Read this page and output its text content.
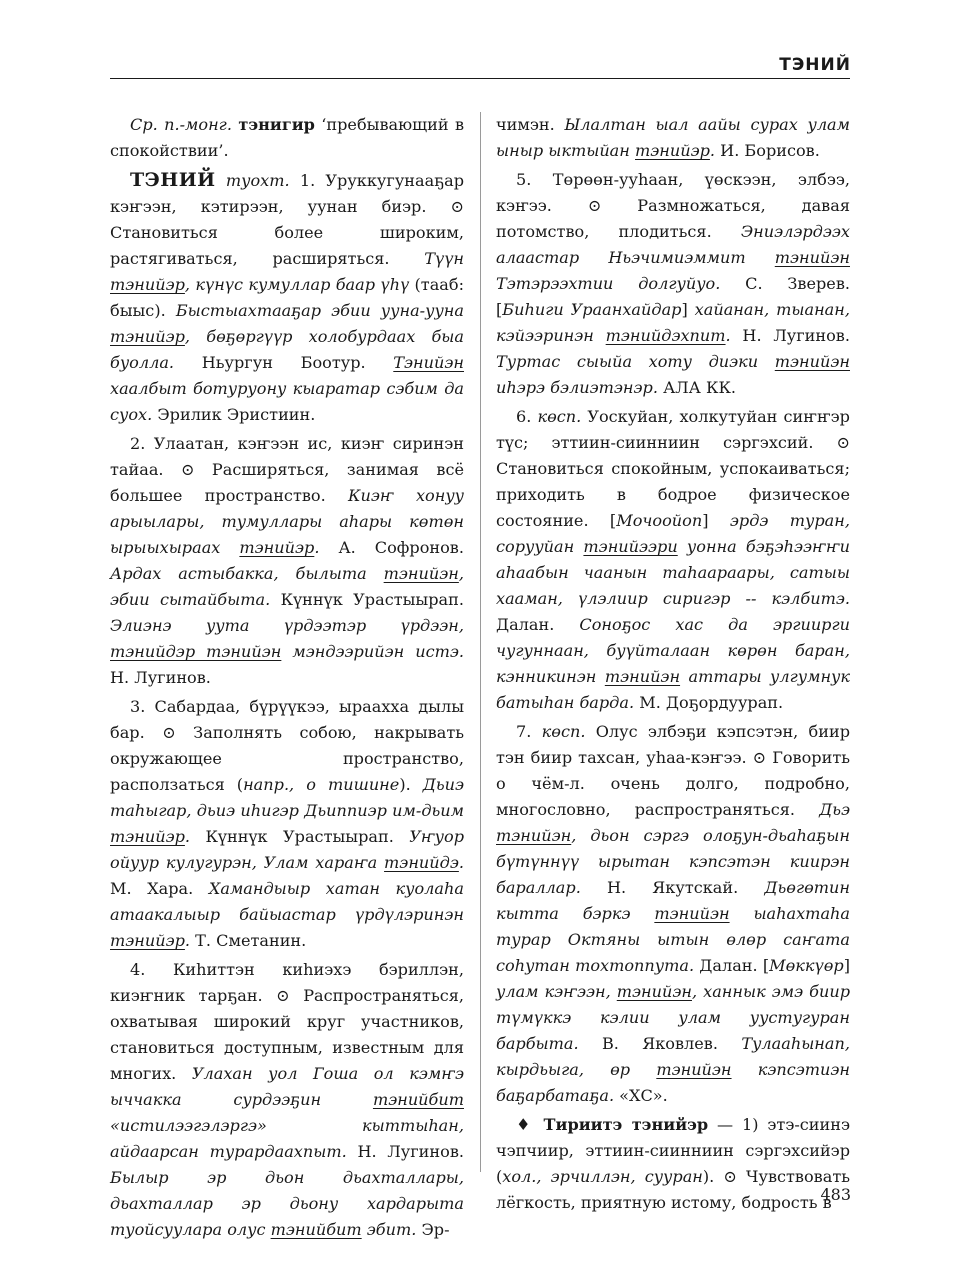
ТЭНИЙ

Ср. п.-монг. тэнигир ‘пребывающий в спокойствии’.

ТЭНИЙ туохт. 1. Уруккугунааҕар кэҥээн, кэтирээн, уунан биэр. ⊙ Становиться более широким, растягиваться, расширяться. Түүн тэнийэр, күнүс кумуллар баар үһү (тааб: быыс). Быстыахтааҕар эбии ууна-ууна тэнийэр, бөҕөргүүр холобурдаах быа буолла. Ньургун Боотур. Тэнийэн хаалбыт ботуруону кыаратар сэбим да суох. Эрилик Эристиин.

2. Улаатан, кэҥээн ис, киэҥ сиринэн тайаа. ⊙ Расширяться, занимая всё большее пространство. Киэҥ хонуу арыылары, тумуллары аһары көтөн ырыыхыраах тэнийэр. А. Софронов. Ардах астыбакка, былыта тэнийэн, эбии сытайбыта. Күннүк Урастыырап. Элиэнэ уута үрдээтэр үрдээн, тэнийдэр тэнийэн мэндээрийэн истэ. Н. Лугинов.

3. Сабардаа, бүрүүкээ, ыраахха дылы бар. ⊙ Заполнять собою, накрывать окружающее пространство, расползаться (напр., о тишине). Дьиэ таһыгар, дьиэ иһигэр Дьиппиэр им-дьим тэнийэр. Күннүк Урастыырап. Уҥуор ойуур кулугурэн, Улам хараҥа тэнийдэ. М. Хара. Хамандыыр хатан куолаһа атаакалыыр байыастар үрдүлэринэн тэнийэр. Т. Сметанин.

4. Киһиттэн киһиэхэ бэриллэн, киэҥник тарҕан. ⊙ Распространяться, охватывая широкий круг участников, становиться доступным, известным для многих. Улахан уол Гоша ол кэмҥэ ыччакка сурдээҕин тэнийбит «истилээгэлэргэ» кыттыһан, айдаарсан турардаахпыт. Н. Лугинов. Былыр эр дьон дьахталлары, дьахталлар эр дьону хардарыта туойсуулара олус тэнийбит эбит. Эр-

чимэн. Ылалтан ыал аайы сурах улам ыныр ыктыйан тэнийэр. И. Борисов.

5. Төрөөн-ууһаан, үөскээн, элбээ, кэҥээ. ⊙ Размножаться, давая потомство, плодиться. Эниэлэрдээх алаастар Ньэчимиэммит тэнийэн Тэтэрээхтии долгуйуо. С. Зверев. [Биһиги Ураанхайдар] хайанан, тыанан, кэйээринэн тэнийдэхпит. Н. Лугинов. Туртас сыыйа хоту диэки тэнийэн иһэрэ бэлиэтэнэр. АЛА КК.

6. көсп. Уоскуйан, холкутуйан сиҥҥэр түс; эттиин-сиинниин сэргэхсий. ⊙ Становиться спокойным, успокаиваться; приходить в бодрое физическое состояние. [Мочоойоп] эрдэ туран, сорууйан тэнийээри уонна бэҕэһээҥҥи аһаабын чаанын таһаараары, сатыы хааман, үлэлиир сиригэр -- кэлбитэ. Далан. Соноҕос хас да эргиирги чугуннаан, буүйталаан көрөн баран, кэнникинэн тэнийэн аттары улгумнук батыһан барда. М. Доҕордуурап.

7. көсп. Олус элбэҕи кэпсэтэн, биир тэн биир тахсан, уһаа-кэҥээ. ⊙ Говорить о чём-л. очень долго, подробно, многословно, распространяться. Дьэ тэнийэн, дьон сэргэ олоҕун-дьаһаҕын бүтүннүү ырытан кэпсэтэн киирэн бараллар. Н. Якутскай. Дьөгөтин кытта бэркэ тэнийэн ыаһахтаһа турар Октяны ытын өлөр саҥата соһутан тохтоппута. Далан. [Мөккүөр] улам кэҥээн, тэнийэн, ханнык эмэ биир түмүккэ кэлии улам уустугуран барбыта. В. Яковлев. Тулааһынап, кырдьыга, өр тэнийэн кэпсэтиэн баҕарбатаҕа. «ХС».

♦ Тириитэ тэнийэр — 1) этэ-сиинэ чэпчиир, эттиин-сиинниин сэргэхсийэр (хол., эрчиллэн, сууран). ⊙ Чувствовать лёгкость, приятную истому, бодрость в

483
